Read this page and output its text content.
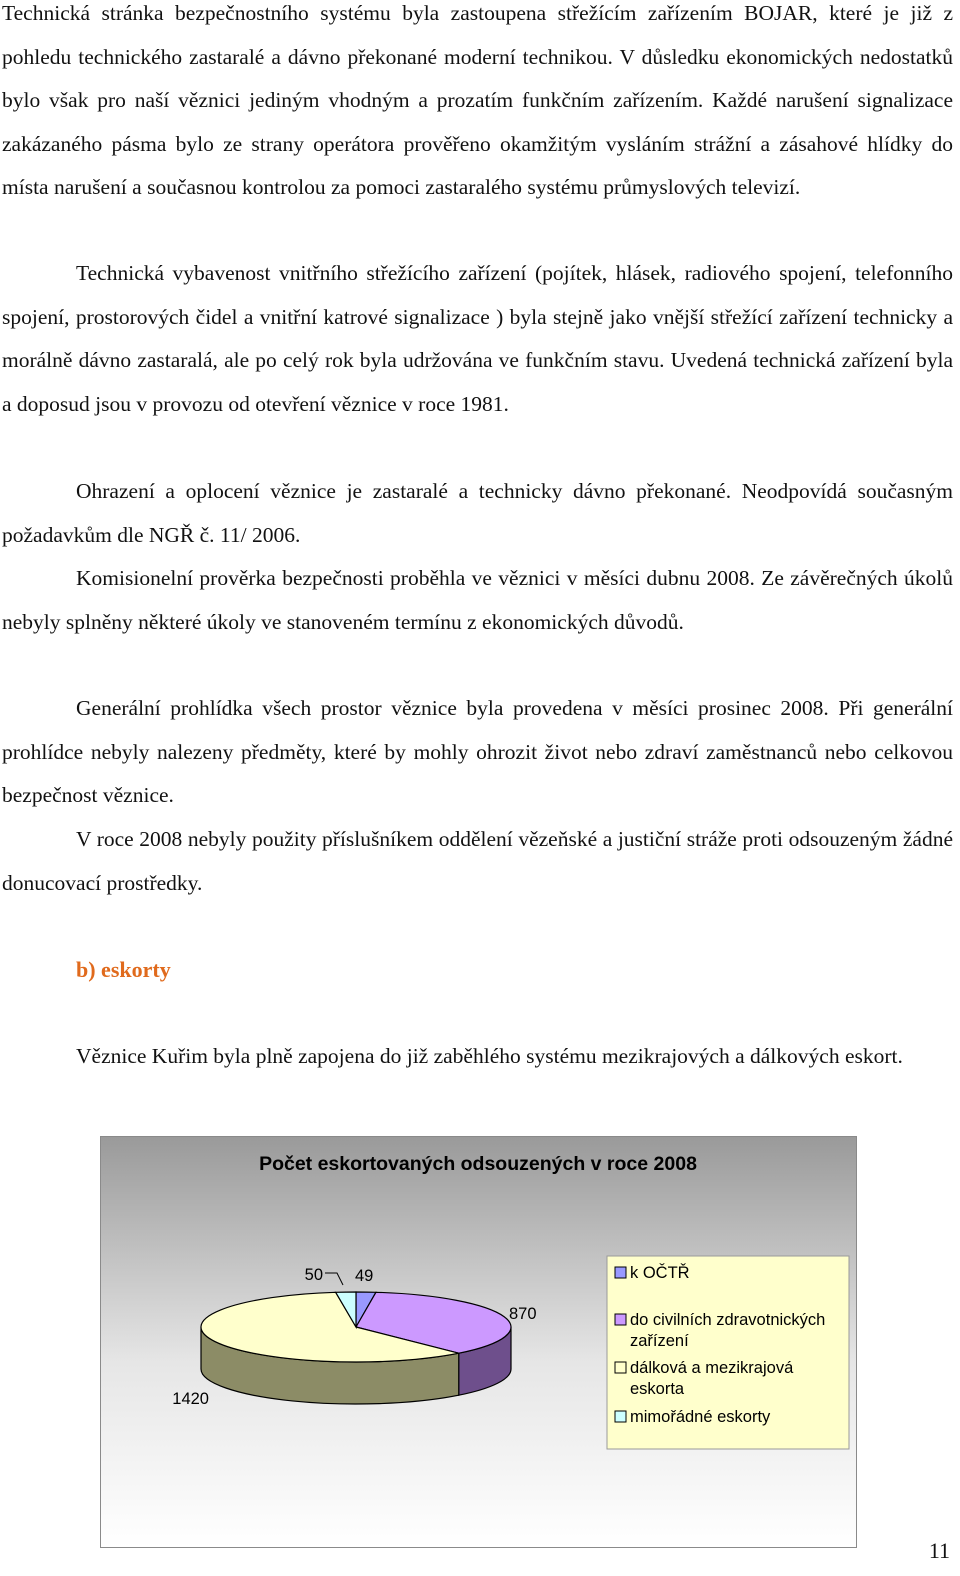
Technická stránka bezpečnostního systému byla zastoupena střežícím zařízením BOJAR, které je již z pohledu technického zastaralé a dávno překonané moderní technikou. V důsledku ekonomických nedostatků bylo však pro naší věznici jediným vhodným a prozatím funkčním zařízením. Každé narušení signalizace zakázaného pásma bylo ze strany operátora prověřeno okamžitým vysláním strážní a zásahové hlídky do místa narušení a současnou kontrolou za pomoci zastaralého systému průmyslových televizí.

Technická vybavenost vnitřního střežícího zařízení (pojítek, hlásek, radiového spojení, telefonního spojení, prostorových čidel a vnitřní katrové signalizace ) byla stejně jako vnější střežící zařízení technicky a morálně dávno zastaralá, ale po celý rok byla udržována ve funkčním stavu. Uvedená technická zařízení byla a doposud jsou v provozu od otevření věznice v roce 1981.

Ohrazení a oplocení věznice je zastaralé a technicky dávno překonané. Neodpovídá současným požadavkům dle NGŘ č. 11/ 2006.

Komisionelní prověrka bezpečnosti proběhla ve věznici v měsíci dubnu 2008. Ze závěrečných úkolů nebyly splněny některé úkoly ve stanoveném termínu z ekonomických důvodů.

Generální prohlídka všech prostor věznice byla provedena v měsíci prosinec 2008. Při generální prohlídce nebyly nalezeny předměty, které by mohly ohrozit život nebo zdraví zaměstnanců nebo celkovou bezpečnost věznice.

V roce 2008 nebyly použity příslušníkem oddělení vězeňské a justiční stráže proti odsouzeným žádné donucovací prostředky.

b) eskorty

Věznice Kuřim byla plně zapojena do již zaběhlého systému mezikrajových a dálkových eskort.

Počet eskortovaných odsouzených v roce 2008
49
870
1420
50	k OČTŘ
do civilních zdravotnických zařízení
dálková a mezikrajová eskorta
mimořádné eskorty
11
